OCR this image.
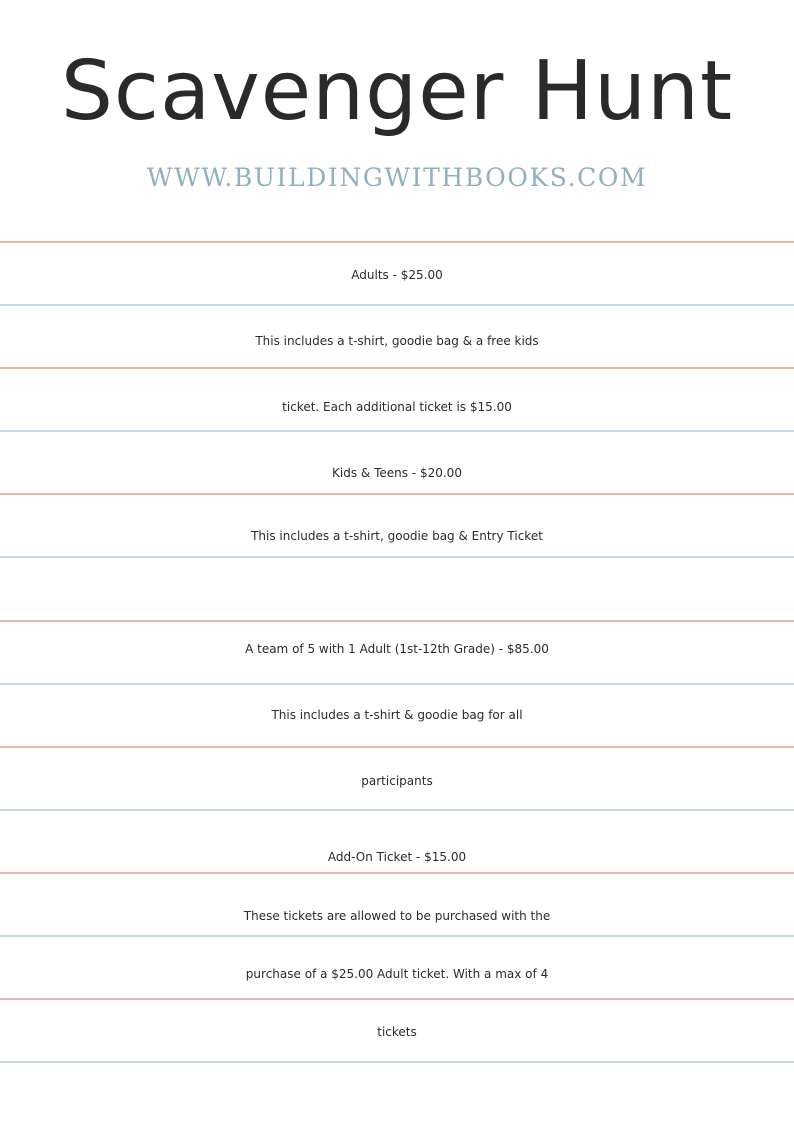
Scavenger Hunt
WWW.BUILDINGWITHBOOKS.COM
Adults - $25.00
This includes a t-shirt, goodie bag & a free kids
ticket. Each additional ticket is $15.00
Kids & Teens - $20.00
This includes a t-shirt, goodie bag & Entry Ticket
A team of 5 with 1 Adult (1st-12th Grade) - $85.00
This includes a t-shirt & goodie bag for all
participants
Add-On Ticket - $15.00
These tickets are allowed to be purchased with the
purchase of a $25.00 Adult ticket. With a max of 4
tickets
